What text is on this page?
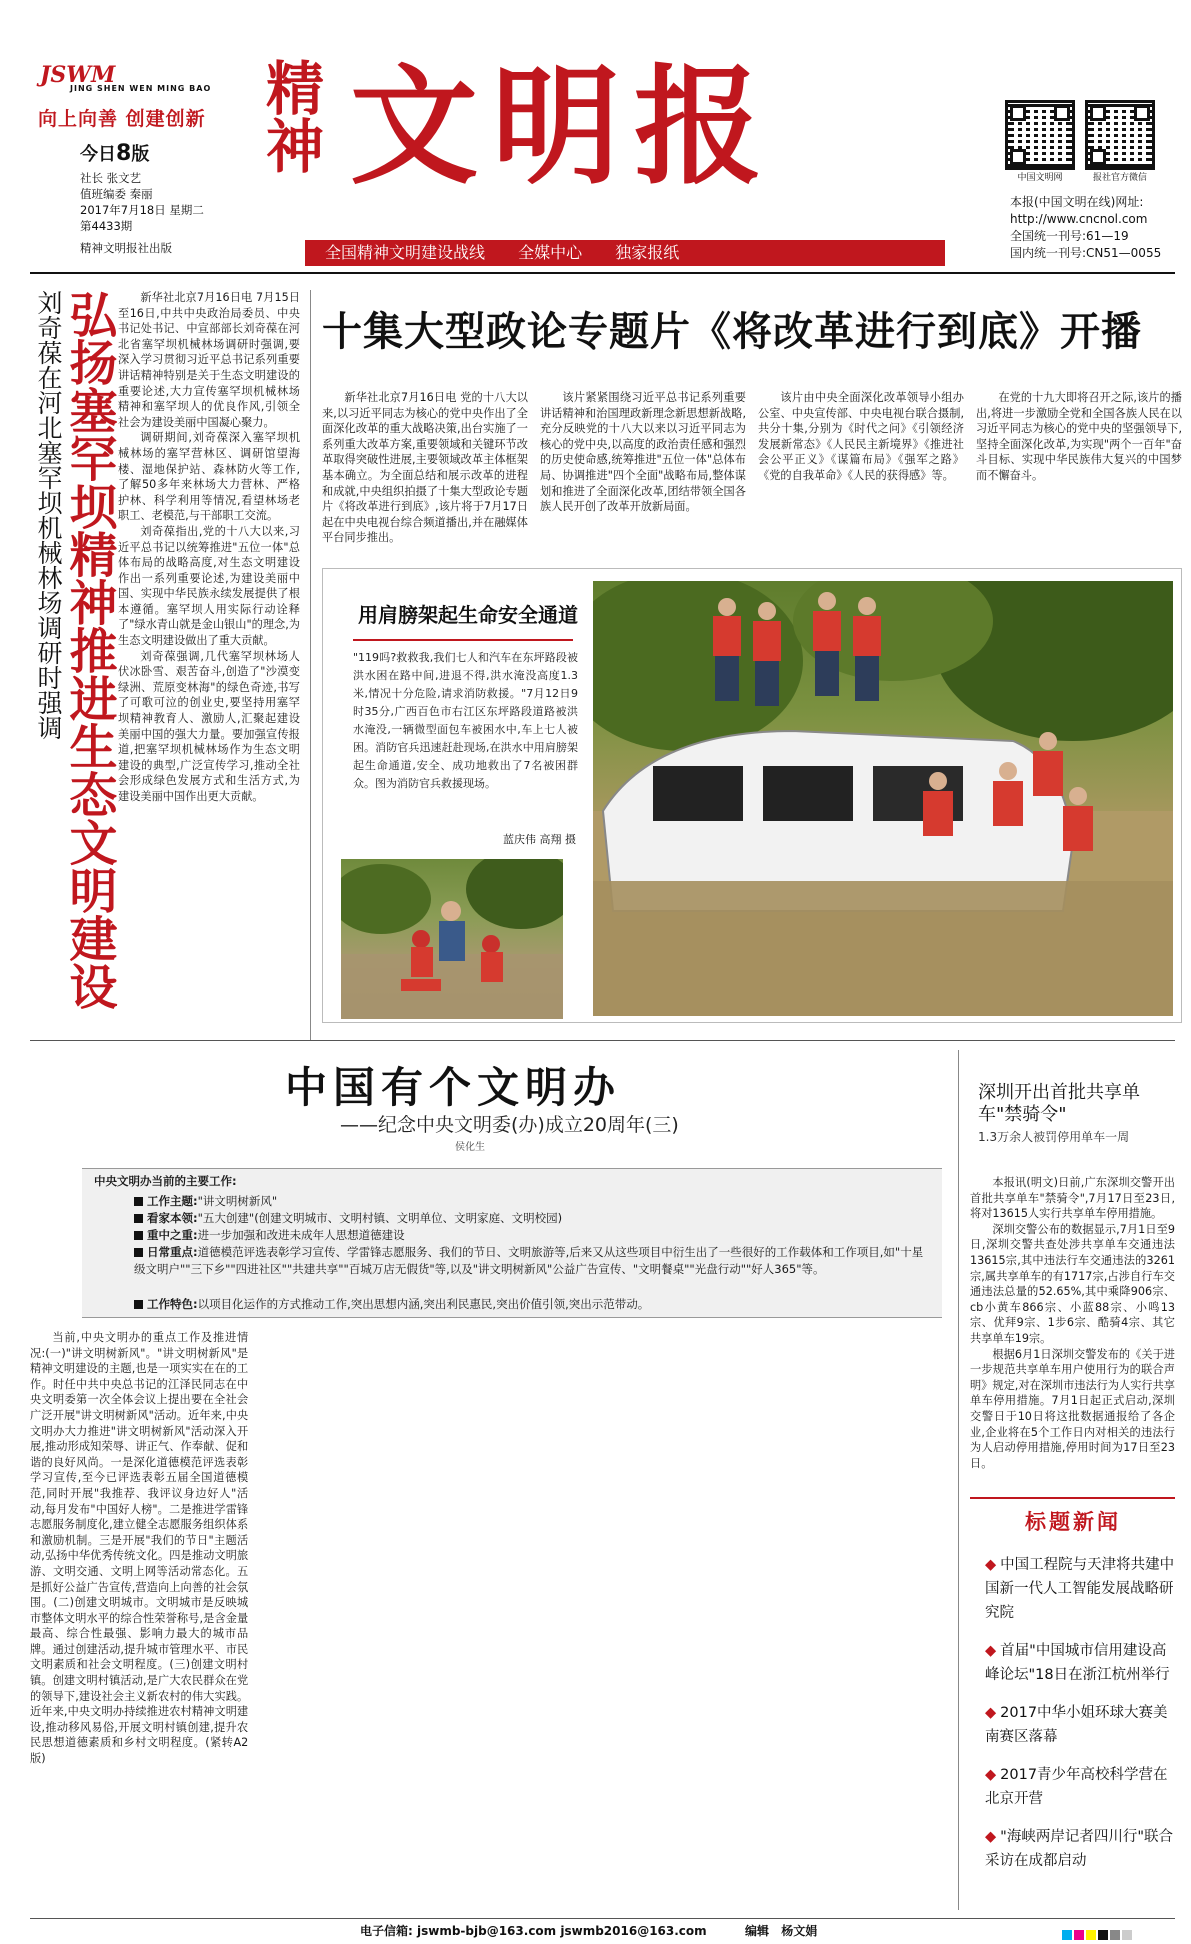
JSWM
JING SHEN WEN MING BAO
向上向善 创建创新
今日8版
社长 张文艺
值班编委 秦丽
2017年7月18日 星期二
第4433期
精神文明报社出版
精神 文明报
全国精神文明建设战线 全媒中心 独家报纸
中国文明网	报社官方微信
本报(中国文明在线)网址:
http://www.cncnol.com
全国统一刊号:61—19
国内统一刊号:CN51—0055
刘奇葆在河北塞罕坝机械林场调研时强调
弘扬塞罕坝精神推进生态文明建设	新华社北京7月16日电 7月15日至16日,中共中央政治局委员、中央书记处书记、中宣部部长刘奇葆在河北省塞罕坝机械林场调研时强调,要深入学习贯彻习近平总书记系列重要讲话精神特别是关于生态文明建设的重要论述,大力宣传塞罕坝机械林场精神和塞罕坝人的优良作风,引领全社会为建设美丽中国凝心聚力。

调研期间,刘奇葆深入塞罕坝机械林场的塞罕营林区、调研馆望海楼、湿地保护站、森林防火等工作,了解50多年来林场大力营林、严格护林、科学利用等情况,看望林场老职工、老模范,与干部职工交流。

刘奇葆指出,党的十八大以来,习近平总书记以统筹推进"五位一体"总体布局的战略高度,对生态文明建设作出一系列重要论述,为建设美丽中国、实现中华民族永续发展提供了根本遵循。塞罕坝人用实际行动诠释了"绿水青山就是金山银山"的理念,为生态文明建设做出了重大贡献。

刘奇葆强调,几代塞罕坝林场人伏冰卧雪、艰苦奋斗,创造了"沙漠变绿洲、荒原变林海"的绿色奇迹,书写了可歌可泣的创业史,要坚持用塞罕坝精神教育人、激励人,汇聚起建设美丽中国的强大力量。要加强宣传报道,把塞罕坝机械林场作为生态文明建设的典型,广泛宣传学习,推动全社会形成绿色发展方式和生活方式,为建设美丽中国作出更大贡献。

十集大型政论专题片《将改革进行到底》开播

新华社北京7月16日电 党的十八大以来,以习近平同志为核心的党中央作出了全面深化改革的重大战略决策,出台实施了一系列重大改革方案,重要领域和关键环节改革取得突破性进展,主要领域改革主体框架基本确立。为全面总结和展示改革的进程和成就,中央组织拍摄了十集大型政论专题片《将改革进行到底》,该片将于7月17日起在中央电视台综合频道播出,并在融媒体平台同步推出。

该片紧紧围绕习近平总书记系列重要讲话精神和治国理政新理念新思想新战略,充分反映党的十八大以来以习近平同志为核心的党中央,以高度的政治责任感和强烈的历史使命感,统筹推进"五位一体"总体布局、协调推进"四个全面"战略布局,整体谋划和推进了全面深化改革,团结带领全国各族人民开创了改革开放新局面。

该片由中央全面深化改革领导小组办公室、中央宣传部、中央电视台联合摄制,共分十集,分别为《时代之问》《引领经济发展新常态》《人民民主新境界》《推进社会公平正义》《谋篇布局》《强军之路》《党的自我革命》《人民的获得感》等。

在党的十九大即将召开之际,该片的播出,将进一步激励全党和全国各族人民在以习近平同志为核心的党中央的坚强领导下,坚持全面深化改革,为实现"两个一百年"奋斗目标、实现中华民族伟大复兴的中国梦而不懈奋斗。

用肩膀架起生命安全通道
"119吗?救救我,我们七人和汽车在东坪路段被洪水困在路中间,进退不得,洪水淹没高度1.3米,情况十分危险,请求消防救援。"7月12日9时35分,广西百色市右江区东坪路段道路被洪水淹没,一辆微型面包车被困水中,车上七人被困。消防官兵迅速赶赴现场,在洪水中用肩膀架起生命通道,安全、成功地救出了7名被困群众。图为消防官兵救援现场。
蓝庆伟 高翔 摄
中国有个文明办
——纪念中央文明委(办)成立20周年(三)
侯化生
中央文明办当前的主要工作:
工作主题:"讲文明树新风"
看家本领:"五大创建"(创建文明城市、文明村镇、文明单位、文明家庭、文明校园)
重中之重:进一步加强和改进未成年人思想道德建设
日常重点:道德模范评选表彰学习宣传、学雷锋志愿服务、我们的节日、文明旅游等,后来又从这些项目中衍生出了一些很好的工作载体和工作项目,如"十星级文明户""三下乡""四进社区""共建共享""百城万店无假货"等,以及"讲文明树新风"公益广告宣传、"文明餐桌""光盘行动""好人365"等。
工作特色:以项目化运作的方式推动工作,突出思想内涵,突出利民惠民,突出价值引领,突出示范带动。

当前,中央文明办的重点工作及推进情况:(一)"讲文明树新风"。"讲文明树新风"是精神文明建设的主题,也是一项实实在在的工作。时任中共中央总书记的江泽民同志在中央文明委第一次全体会议上提出要在全社会广泛开展"讲文明树新风"活动。近年来,中央文明办大力推进"讲文明树新风"活动深入开展,推动形成知荣辱、讲正气、作奉献、促和谐的良好风尚。一是深化道德模范评选表彰学习宣传,至今已评选表彰五届全国道德模范,同时开展"我推荐、我评议身边好人"活动,每月发布"中国好人榜"。二是推进学雷锋志愿服务制度化,建立健全志愿服务组织体系和激励机制。三是开展"我们的节日"主题活动,弘扬中华优秀传统文化。四是推动文明旅游、文明交通、文明上网等活动常态化。五是抓好公益广告宣传,营造向上向善的社会氛围。(二)创建文明城市。文明城市是反映城市整体文明水平的综合性荣誉称号,是含金量最高、综合性最强、影响力最大的城市品牌。通过创建活动,提升城市管理水平、市民文明素质和社会文明程度。(三)创建文明村镇。创建文明村镇活动,是广大农民群众在党的领导下,建设社会主义新农村的伟大实践。近年来,中央文明办持续推进农村精神文明建设,推动移风易俗,开展文明村镇创建,提升农民思想道德素质和乡村文明程度。(紧转A2版)

深圳开出首批共享单车"禁骑令"
1.3万余人被罚停用单车一周

本报讯(明文)日前,广东深圳交警开出首批共享单车"禁骑令",7月17日至23日,将对13615人实行共享单车停用措施。

深圳交警公布的数据显示,7月1日至9日,深圳交警共查处涉共享单车交通违法13615宗,其中违法行车交通违法的3261宗,属共享单车的有1717宗,占涉自行车交通违法总量的52.65%,其中乘降906宗、cb小黄车866宗、小蓝88宗、小鸣13宗、优拜9宗、1步6宗、酷骑4宗、其它共享单车19宗。

根据6月1日深圳交警发布的《关于进一步规范共享单车用户使用行为的联合声明》规定,对在深圳市违法行为人实行共享单车停用措施。7月1日起正式启动,深圳交警日于10日将这批数据通报给了各企业,企业将在5个工作日内对相关的违法行为人启动停用措施,停用时间为17日至23日。

标题新闻
◆ 中国工程院与天津将共建中国新一代人工智能发展战略研究院
◆ 首届"中国城市信用建设高峰论坛"18日在浙江杭州举行
◆ 2017中华小姐环球大赛美南赛区落幕
◆ 2017青少年高校科学营在北京开营
◆ "海峡两岸记者四川行"联合采访在成都启动
电子信箱: jswmb-bjb@163.com jswmb2016@163.com	编辑 杨文娟
